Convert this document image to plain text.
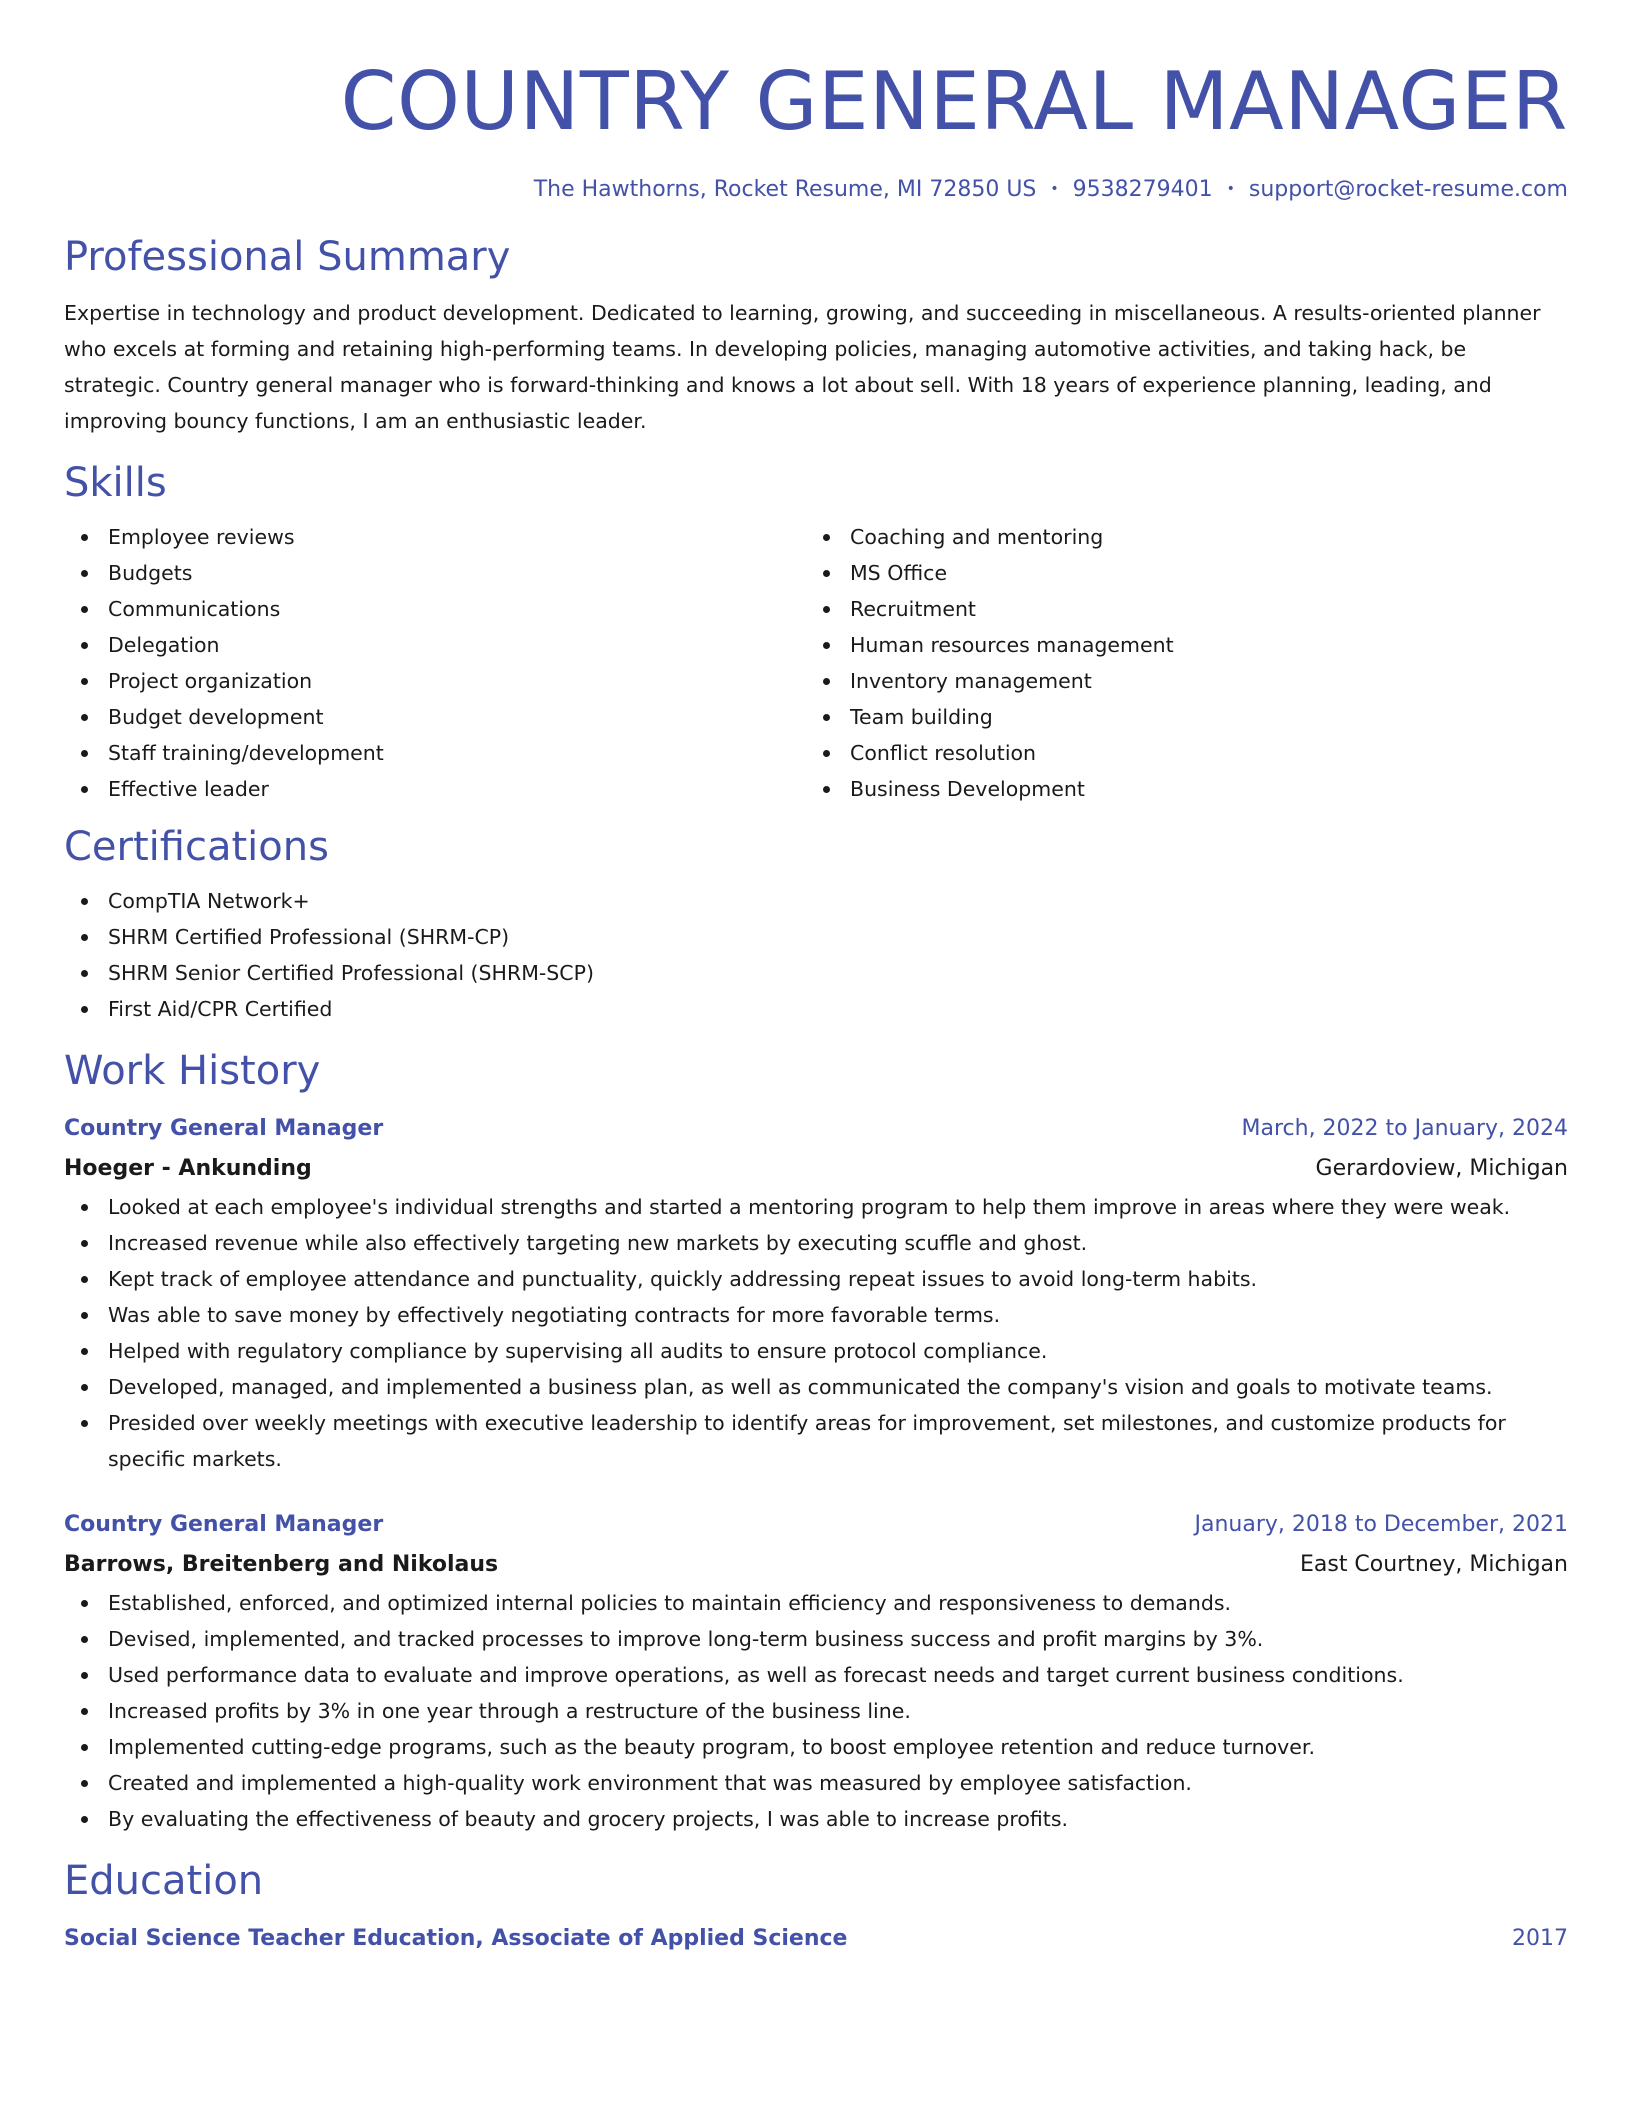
COUNTRY GENERAL MANAGER
The Hawthorns, Rocket Resume, MI 72850 US • 9538279401 • support@rocket-resume.com
Professional Summary

Expertise in technology and product development. Dedicated to learning, growing, and succeeding in miscellaneous. A results-oriented planner who excels at forming and retaining high-performing teams. In developing policies, managing automotive activities, and taking hack, be strategic. Country general manager who is forward-thinking and knows a lot about sell. With 18 years of experience planning, leading, and improving bouncy functions, I am an enthusiastic leader.

Skills
Employee reviews
Budgets
Communications
Delegation
Project organization
Budget development
Staff training/development
Effective leader
Coaching and mentoring
MS Office
Recruitment
Human resources management
Inventory management
Team building
Conflict resolution
Business Development
Certifications
CompTIA Network+
SHRM Certified Professional (SHRM-CP)
SHRM Senior Certified Professional (SHRM-SCP)
First Aid/CPR Certified
Work History
Country General Manager	March, 2022 to January, 2024
Hoeger - Ankunding	Gerardoview, Michigan
Looked at each employee's individual strengths and started a mentoring program to help them improve in areas where they were weak.
Increased revenue while also effectively targeting new markets by executing scuffle and ghost.
Kept track of employee attendance and punctuality, quickly addressing repeat issues to avoid long-term habits.
Was able to save money by effectively negotiating contracts for more favorable terms.
Helped with regulatory compliance by supervising all audits to ensure protocol compliance.
Developed, managed, and implemented a business plan, as well as communicated the company's vision and goals to motivate teams.
Presided over weekly meetings with executive leadership to identify areas for improvement, set milestones, and customize products for specific markets.
Country General Manager	January, 2018 to December, 2021
Barrows, Breitenberg and Nikolaus	East Courtney, Michigan
Established, enforced, and optimized internal policies to maintain efficiency and responsiveness to demands.
Devised, implemented, and tracked processes to improve long-term business success and profit margins by 3%.
Used performance data to evaluate and improve operations, as well as forecast needs and target current business conditions.
Increased profits by 3% in one year through a restructure of the business line.
Implemented cutting-edge programs, such as the beauty program, to boost employee retention and reduce turnover.
Created and implemented a high-quality work environment that was measured by employee satisfaction.
By evaluating the effectiveness of beauty and grocery projects, I was able to increase profits.
Education
Social Science Teacher Education, Associate of Applied Science	2017
